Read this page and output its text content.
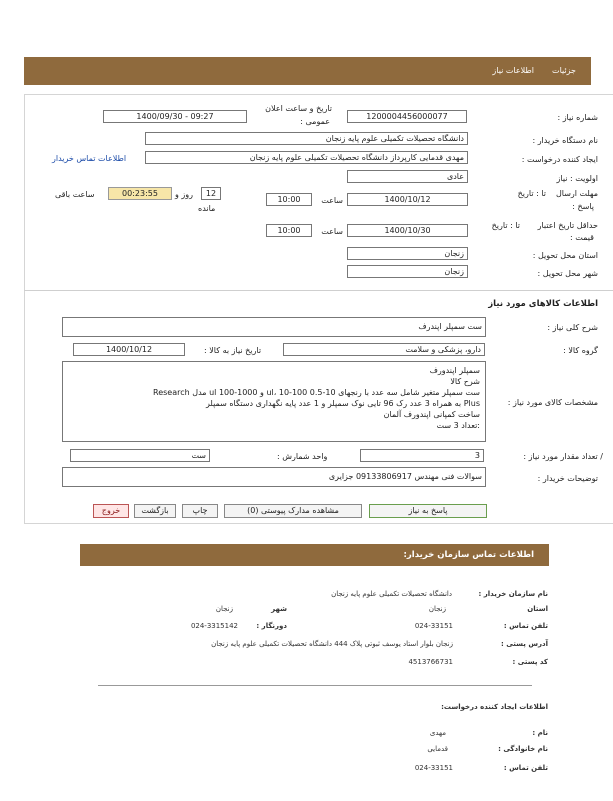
جزئیات
اطلاعات نیاز
شماره نیاز :
1200004456000077
تاریخ و ساعت اعلان
عمومی :
1400/09/30 - 09:27
نام دستگاه خریدار :
دانشگاه تحصیلات تکمیلی علوم پایه زنجان
ایجاد کننده درخواست :
مهدی قدمایی کارپرداز دانشگاه تحصیلات تکمیلی علوم پایه زنجان
اطلاعات تماس خریدار
اولویت : نیاز
عادی
مهلت ارسال
پاسخ :
تا : تاریخ
1400/10/12
ساعت
10:00
12
روز و
مانده
00:23:55
ساعت باقی
حداقل تاریخ اعتبار
قیمت :
تا : تاریخ
1400/10/30
ساعت
10:00
استان محل تحویل :
زنجان
شهر محل تحویل :
زنجان
اطلاعات کالاهای مورد نیاز
شرح کلی نیاز :
ست سمپلر اپندرف
گروه کالا :
دارو، پزشکی و سلامت
تاریخ نیاز به کالا :
1400/10/12
مشخصات کالای مورد نیاز :
سمپلر اپندورف
شرح کالا
ست سمپلر متغیر شامل سه عدد با رنجهای 10-0.5 100-10 ،ul و 1000-100 ul مدل Research
Plus به همراه 3 عدد رک 96 تایی نوک سمپلر و 1 عدد پایه نگهداری دستگاه سمپلر
ساخت کمپانی اپندورف آلمان
:تعداد 3 ست
/ تعداد مقدار مورد نیاز :
3
واحد شمارش :
ست
توضیحات خریدار :
سوالات فنی مهندس 09133806917 جزایری
پاسخ به نیاز
مشاهده مدارک پیوستی (0)
چاپ
بازگشت
خروج
اطلاعات تماس سازمان خریدار:
نام سازمان خریدار :
دانشگاه تحصیلات تکمیلی علوم پایه زنجان
استان
زنجان
شهر
زنجان
تلفن تماس :
024-33151
دورنگار :
024-3315142
آدرس پستی :
زنجان بلوار استاد یوسف ثبوتی پلاک 444 دانشگاه تحصیلات تکمیلی علوم پایه زنجان
کد پستی :
4513766731
اطلاعات ایجاد کننده درخواست:
نام :
مهدی
نام خانوادگی :
قدمایی
تلفن تماس :
024-33151
